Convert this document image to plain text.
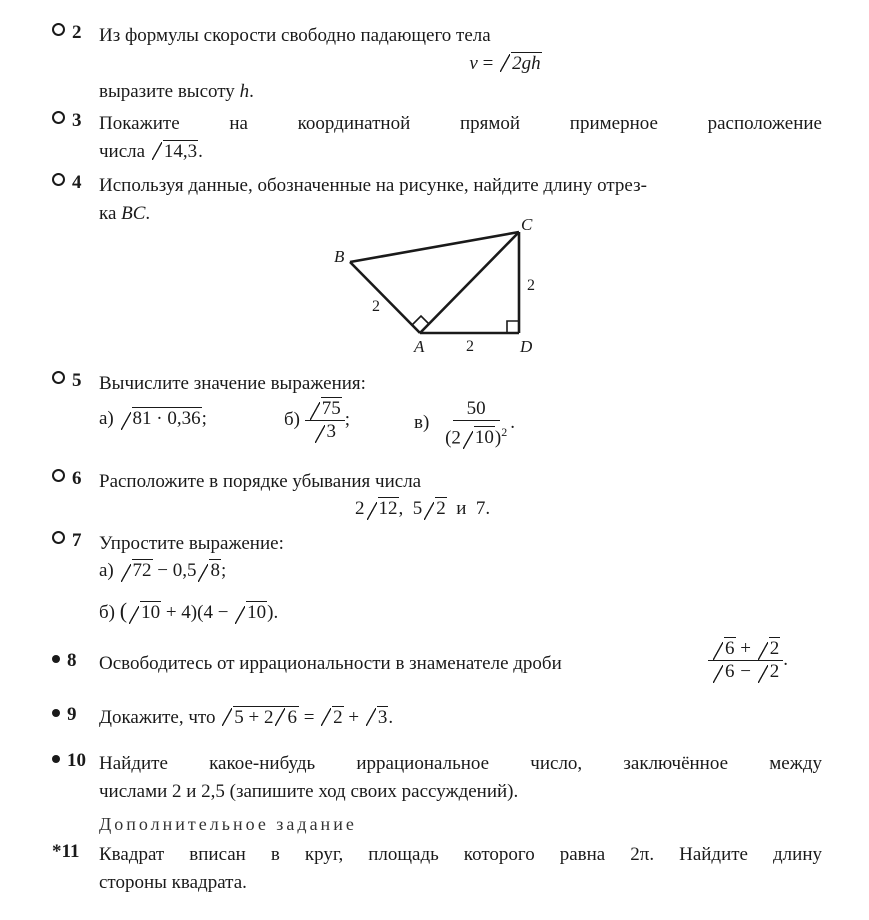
2 Из формулы скорости свободно падающего тела
v = 2gh
выразите высоту h.
3 Покажите на координатной прямой примерное расположение
числа 14,3.
4 Используя данные, обозначенные на рисунке, найдите длину отрез-
ка BC.
B
C
A	D
2
2
2
5 Вычислите значение выражения:
а) 81 · 0,36;	$б) \frac{75}{3}$ ;	$в) \frac{50}{(2 10)^2}$ .
6 Расположите в порядке убывания числа
2 12,  5 2  и  7.
7 Упростите выражение:
а) 72 − 0,5 8;
б) ( 10 + 4)(4 − 10).
8 Освободитесь от иррациональности в знаменателе дроби	$\frac{6 + 2}{6 - 2}$ .
9 Докажите, что 5 + 2 6 = 2 + 3.
10 Найдите какое-нибудь иррациональное число, заключённое между
числами 2 и 2,5 (запишите ход своих рассуждений).
Дополнительное задание
*11 Квадрат вписан в круг, площадь которого равна 2π. Найдите длину
стороны квадрата.
